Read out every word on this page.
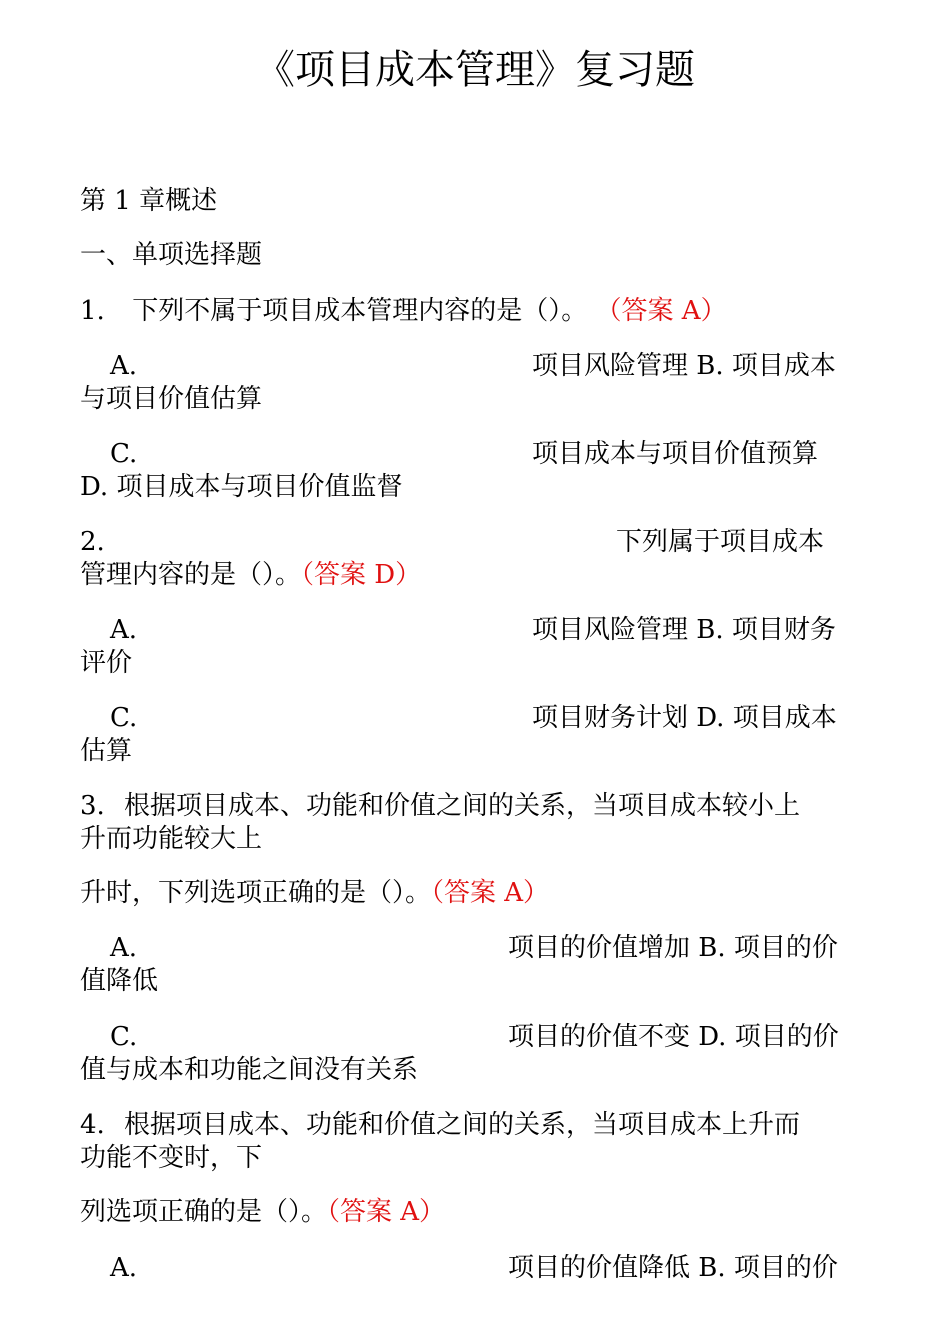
《项目成本管理》复习题
第 1 章概述
一、单项选择题
1. 下列不属于项目成本管理内容的是（）。 （答案 A）
A.	项目风险管理 B. 项目成本
与项目价值估算
C.	项目成本与项目价值预算
D. 项目成本与项目价值监督
2.	下列属于项目成本
管理内容的是（）。（答案 D）
A.	项目风险管理 B. 项目财务
评价
C.	项目财务计划 D. 项目成本
估算
3. 根据项目成本、功能和价值之间的关系，当项目成本较小上
升而功能较大上
升时，下列选项正确的是（）。（答案 A）
A.	项目的价值增加 B. 项目的价
值降低
C.	项目的价值不变 D. 项目的价
值与成本和功能之间没有关系
4. 根据项目成本、功能和价值之间的关系，当项目成本上升而
功能不变时，下
列选项正确的是（）。（答案 A）
A.	项目的价值降低 B. 项目的价
